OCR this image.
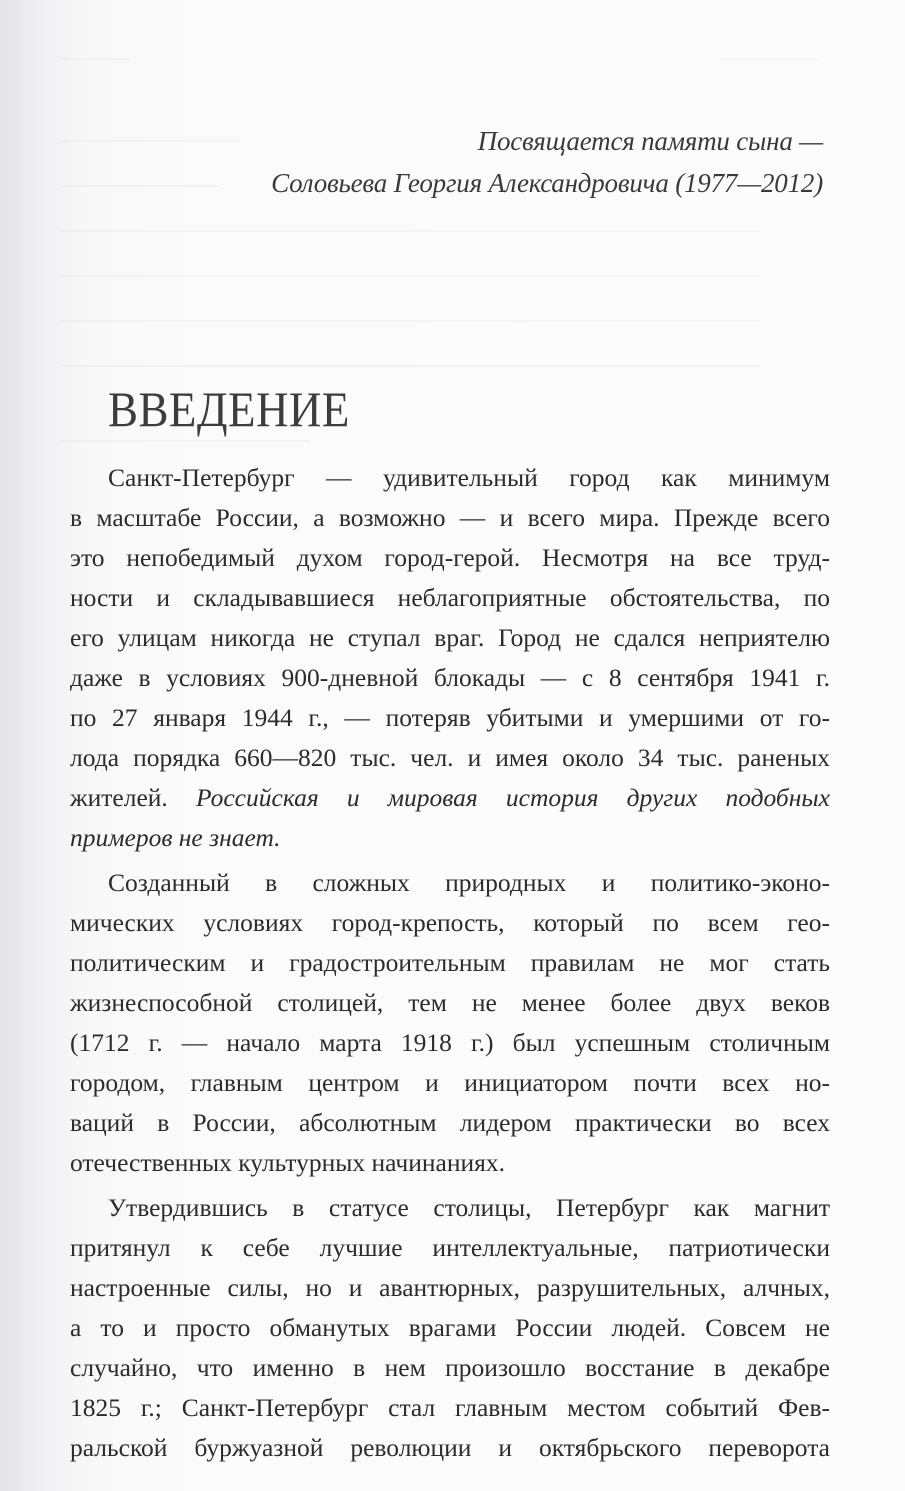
Посвящается памяти сына —
Соловьева Георгия Александровича (1977—2012)
ВВЕДЕНИЕ
Санкт-Петербург — удивительный город как минимум
в масштабе России, а возможно — и всего мира. Прежде всего
это непобедимый духом город-герой. Несмотря на все труд-
ности и складывавшиеся неблагоприятные обстоятельства, по
его улицам никогда не ступал враг. Город не сдался неприятелю
даже в условиях 900-дневной блокады — с 8 сентября 1941 г.
по 27 января 1944 г., — потеряв убитыми и умершими от го-
лода порядка 660—820 тыс. чел. и имея около 34 тыс. раненых
жителей. Российская и мировая история других подобных
примеров не знает.
Созданный в сложных природных и политико-эконо-
мических условиях город-крепость, который по всем гео-
политическим и градостроительным правилам не мог стать
жизнеспособной столицей, тем не менее более двух веков
(1712 г. — начало марта 1918 г.) был успешным столичным
городом, главным центром и инициатором почти всех но-
ваций в России, абсолютным лидером практически во всех
отечественных культурных начинаниях.
Утвердившись в статусе столицы, Петербург как магнит
притянул к себе лучшие интеллектуальные, патриотически
настроенные силы, но и авантюрных, разрушительных, алчных,
а то и просто обманутых врагами России людей. Совсем не
случайно, что именно в нем произошло восстание в декабре
1825 г.; Санкт-Петербург стал главным местом событий Фев-
ральской буржуазной революции и октябрьского переворота
